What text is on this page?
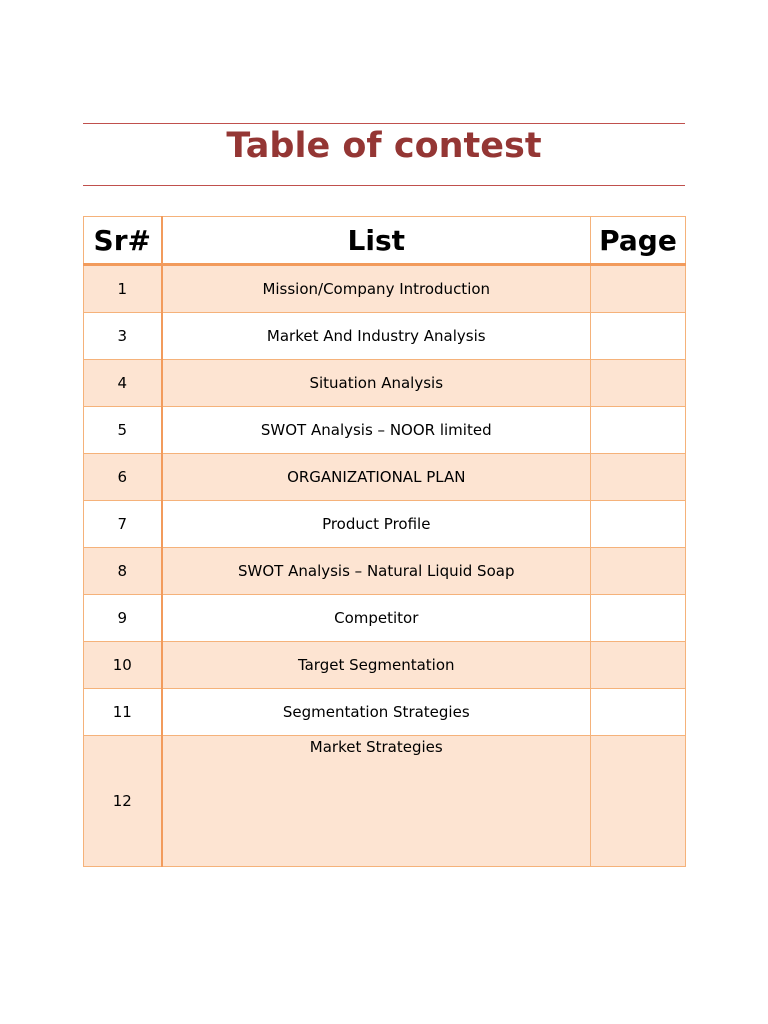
Table of contest
Sr#	List	Page
1	Mission/Company Introduction	
3	Market And Industry Analysis	
4	Situation Analysis	
5	SWOT Analysis – NOOR limited	
6	ORGANIZATIONAL PLAN	
7	Product Profile	
8	SWOT Analysis – Natural Liquid Soap	
9	Competitor	
10	Target Segmentation	
11	Segmentation Strategies	
12	Market Strategies	
